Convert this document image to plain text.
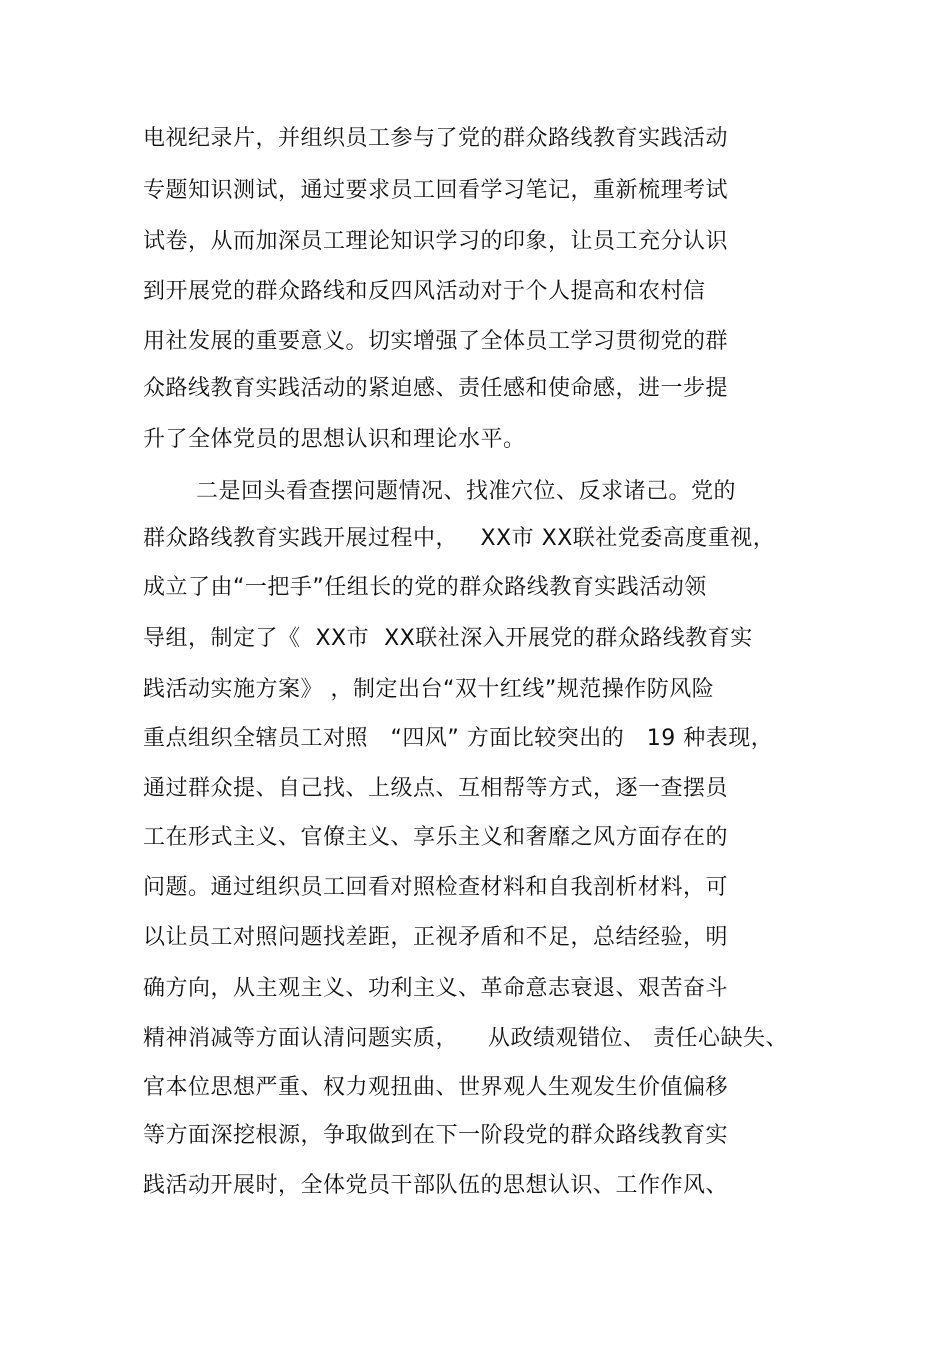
电视纪录片，并组织员工参与了党的群众路线教育实践活动
专题知识测试，通过要求员工回看学习笔记，重新梳理考试
试卷，从而加深员工理论知识学习的印象，让员工充分认识
到开展党的群众路线和反四风活动对于个人提高和农村信
用社发展的重要意义。切实增强了全体员工学习贯彻党的群
众路线教育实践活动的紧迫感、责任感和使命感，进一步提
升了全体党员的思想认识和理论水平。
二是回头看查摆问题情况、找准穴位、反求诸己。党的
群众路线教育实践开展过程中，   XX市 XX联社党委高度重视，
成立了由“一把手”任组长的党的群众路线教育实践活动领
导组，制定了《  XX市  XX联社深入开展党的群众路线教育实
践活动实施方案》 ，制定出台“双十红线”规范操作防风险
重点组织全辖员工对照   “四风” 方面比较突出的   19 种表现，
通过群众提、自己找、上级点、互相帮等方式，逐一查摆员
工在形式主义、官僚主义、享乐主义和奢靡之风方面存在的
问题。通过组织员工回看对照检查材料和自我剖析材料，可
以让员工对照问题找差距，正视矛盾和不足，总结经验，明
确方向，从主观主义、功利主义、革命意志衰退、艰苦奋斗
精神消减等方面认清问题实质，    从政绩观错位、 责任心缺失、
官本位思想严重、权力观扭曲、世界观人生观发生价值偏移
等方面深挖根源，争取做到在下一阶段党的群众路线教育实
践活动开展时，全体党员干部队伍的思想认识、工作作风、
